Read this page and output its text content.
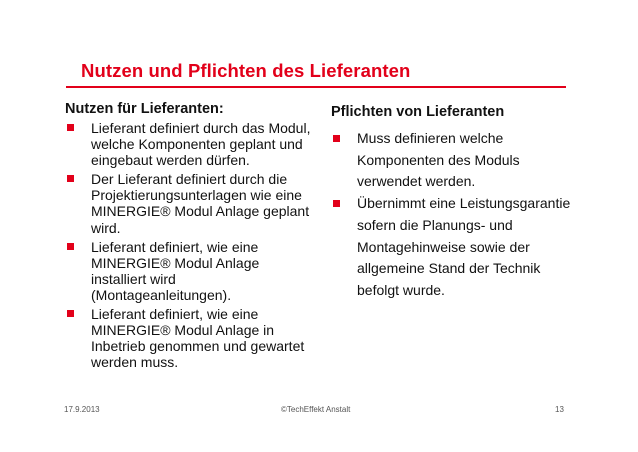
Nutzen und Pflichten des Lieferanten
Nutzen für Lieferanten:
Lieferant definiert durch das Modul, welche Komponenten geplant und eingebaut werden dürfen.
Der Lieferant definiert durch die Projektierungsunterlagen wie eine MINERGIE® Modul Anlage geplant wird.
Lieferant definiert, wie eine MINERGIE® Modul Anlage installiert wird (Montageanleitungen).
Lieferant definiert, wie eine MINERGIE® Modul Anlage in Inbetrieb genommen und gewartet werden muss.
Pflichten von Lieferanten
Muss definieren welche Komponenten des Moduls verwendet werden.
Übernimmt eine Leistungsgarantie sofern die Planungs- und Montagehinweise sowie der allgemeine Stand der Technik befolgt wurde.
17.9.2013	©TechEffekt Anstalt	13
